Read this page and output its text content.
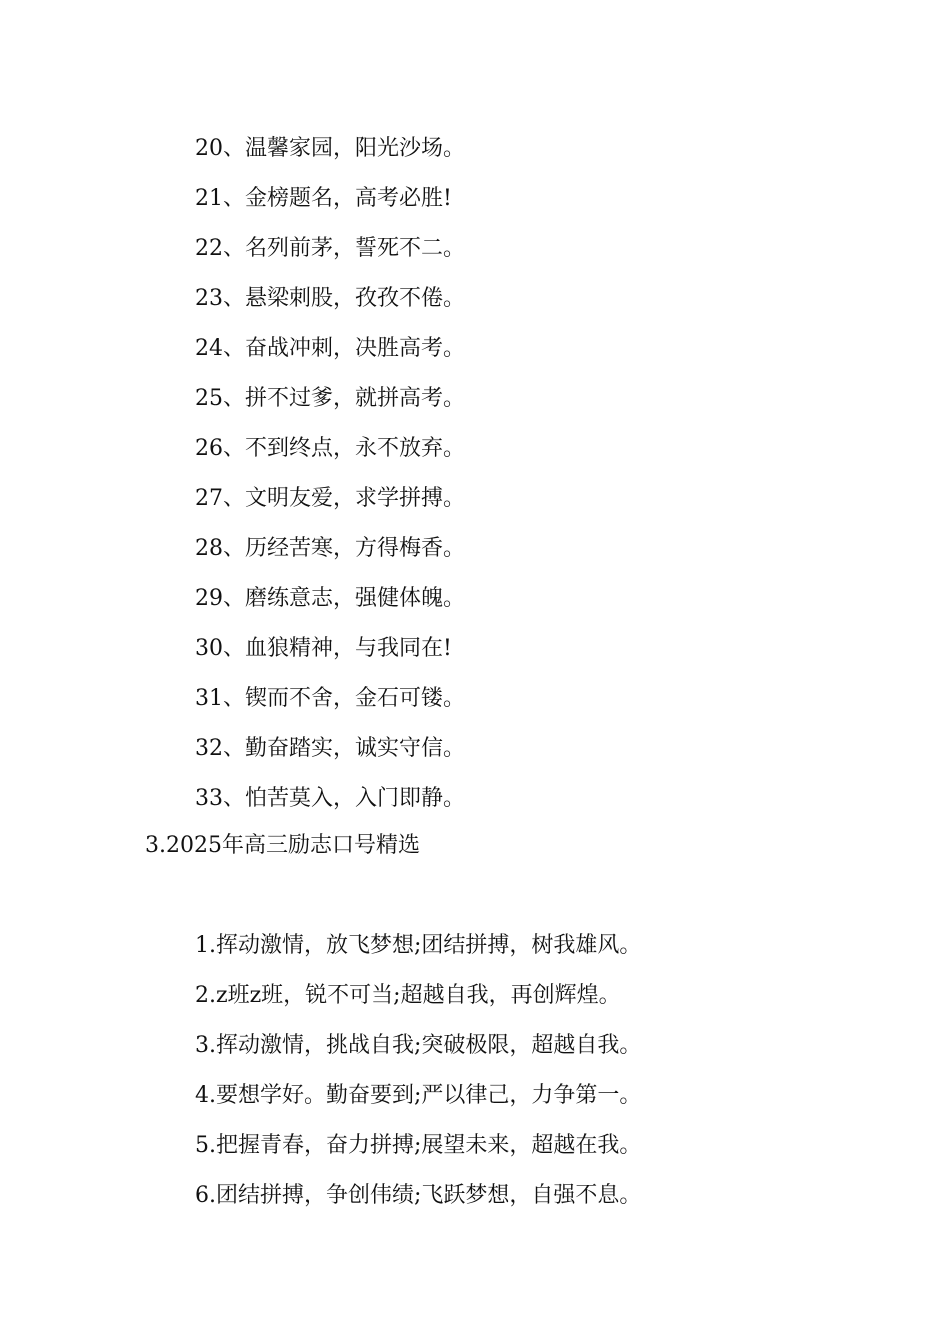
20、温馨家园，阳光沙场。
21、金榜题名，高考必胜!
22、名列前茅，誓死不二。
23、悬梁刺股，孜孜不倦。
24、奋战冲刺，决胜高考。
25、拼不过爹，就拼高考。
26、不到终点，永不放弃。
27、文明友爱，求学拼搏。
28、历经苦寒，方得梅香。
29、磨练意志，强健体魄。
30、血狼精神，与我同在!
31、锲而不舍，金石可镂。
32、勤奋踏实，诚实守信。
33、怕苦莫入，入门即静。
3.2025年高三励志口号精选
1.挥动激情，放飞梦想;团结拼搏，树我雄风。
2.z班z班，锐不可当;超越自我，再创辉煌。
3.挥动激情，挑战自我;突破极限，超越自我。
4.要想学好。勤奋要到;严以律己，力争第一。
5.把握青春，奋力拼搏;展望未来，超越在我。
6.团结拼搏，争创伟绩;飞跃梦想，自强不息。
